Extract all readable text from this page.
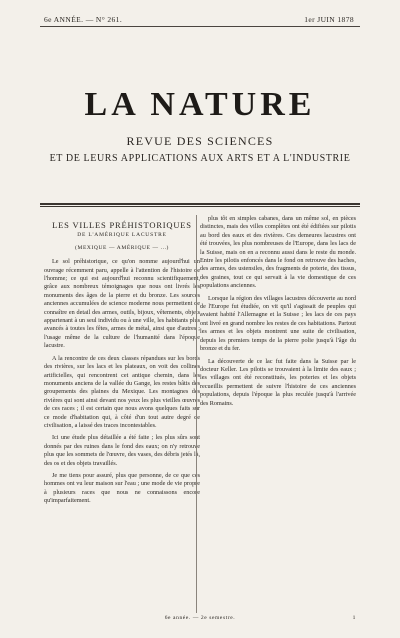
6e ANNÉE. — N° 261.	1er JUIN 1878
LA NATURE
REVUE DES SCIENCES
ET DE LEURS APPLICATIONS AUX ARTS ET A L'INDUSTRIE
LES VILLES PRÉHISTORIQUES
DE L'AMÉRIQUE LACUSTRE
(MEXIQUE — AMÉRIQUE — ...)

Le sol préhistorique, ce qu'on nomme aujourd'hui un ouvrage récemment paru, appelle à l'attention de l'histoire de l'homme; ce qui est aujourd'hui reconnu scientifiquement, grâce aux nombreux témoignages que nous ont livrés les monuments des âges de la pierre et du bronze. Les sources anciennes accumulées de science moderne nous permettent de connaître en detail des armes, outils, bijoux, vêtements, objets appartenant à un seul individu ou à une ville, les habitants plus avancés à toutes les fêtes, armes de métal, ainsi que d'autres ; l'usage même de la culture de l'humanité dans l'époque lacustre.

A la rencontre de ces deux classes répandues sur les bords des rivières, sur les lacs et les plateaux, on voit des collines artificielles, qui rencontrent cet antique chemin, dans les monuments anciens de la vallée du Gange, les restes bâtis des groupements des plaines du Mexique. Les montagnes des rivières qui sont ainsi devant nos yeux les plus vieilles œuvres de ces races ; il est certain que nous avons quelques faits sur ce mode d'habitation qui, à côté d'un tout autre degré de civilisation, a laissé des traces incontestables.

Ici une étude plus détaillée a été faite ; les plus sûrs sont donnés par des ruines dans le fond des eaux; on n'y retrouve plus que les sommets de l'œuvre, des vases, des débris jetés là, des os et des objets travaillés.

Je me tiens pour assuré, plus que personne, de ce que ces hommes ont vu leur maison sur l'eau ; une mode de vie propre à plusieurs races que nous ne connaissons encore qu'imparfaitement.

plus tôt en simples cabanes, dans un même sol, en pièces distinctes, mais des villes complètes ont été édifiées sur pilotis au bord des eaux et des rivières. Ces demeures lacustres ont été trouvées, les plus nombreuses de l'Europe, dans les lacs de la Suisse, mais on en a reconnu aussi dans le reste du monde. Entre les pilotis enfoncés dans le fond on retrouve des haches, des armes, des ustensiles, des fragments de poterie, des tissus, des graines, tout ce qui servait à la vie domestique de ces populations anciennes.

Lorsque la région des villages lacustres découverte au nord de l'Europe fut étudiée, on vit qu'il s'agissait de peuples qui avaient habité l'Allemagne et la Suisse ; les lacs de ces pays ont livré en grand nombre les restes de ces habitations. Partout les armes et les objets montrent une suite de civilisation, depuis les premiers temps de la pierre polie jusqu'à l'âge du bronze et du fer.

La découverte de ce lac fut faite dans la Suisse par le docteur Keller. Les pilotis se trouvaient à la limite des eaux ; les villages ont été reconstitués, les poteries et les objets recueillis permettent de suivre l'histoire de ces anciennes populations, depuis l'époque la plus reculée jusqu'à l'arrivée des Romains.

6e année. — 2e semestre.	1
